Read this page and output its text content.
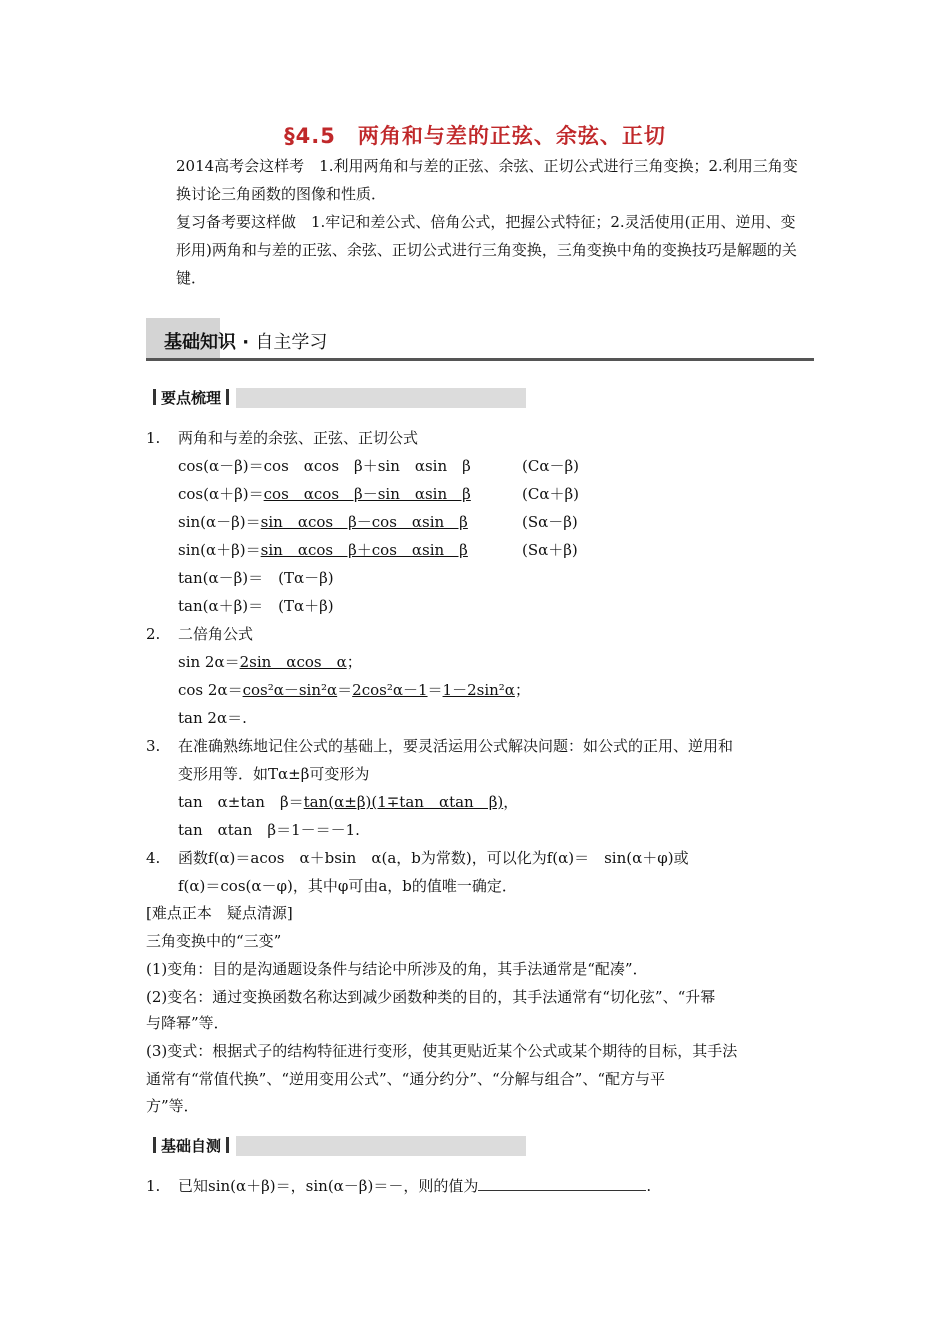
§4.5　两角和与差的正弦、余弦、正切
2014高考会这样考　1.利用两角和与差的正弦、余弦、正切公式进行三角变换；2.利用三角变换讨论三角函数的图像和性质．
复习备考要这样做　1.牢记和差公式、倍角公式，把握公式特征；2.灵活使用(正用、逆用、变形用)两角和与差的正弦、余弦、正切公式进行三角变换，三角变换中角的变换技巧是解题的关键．
基础知识 · 自主学习
要点梳理
1. 两角和与差的余弦、正弦、正切公式
cos(α－β)＝cos　αcos　β＋sin　αsin　β	(Cα－β)
cos(α＋β)＝cos　αcos　β－sin　αsin　β	(Cα＋β)
sin(α－β)＝sin　αcos　β－cos　αsin　β	(Sα－β)
sin(α＋β)＝sin　αcos　β＋cos　αsin　β	(Sα＋β)
tan(α－β)＝　(Tα－β)
tan(α＋β)＝　(Tα＋β)
2. 二倍角公式
sin 2α＝2sin　αcos　α；
cos 2α＝cos²α－sin²α＝2cos²α－1＝1－2sin²α；
tan 2α＝.
3. 在准确熟练地记住公式的基础上，要灵活运用公式解决问题：如公式的正用、逆用和
变形用等．如Tα±β可变形为
tan　α±tan　β＝tan(α±β)(1∓tan　αtan　β)，
tan　αtan　β＝1－＝－1.
4. 函数f(α)＝acos　α＋bsin　α(a，b为常数)，可以化为f(α)＝　sin(α＋φ)或
f(α)＝cos(α－φ)，其中φ可由a，b的值唯一确定．
[难点正本　疑点清源]
三角变换中的“三变”
(1)变角：目的是沟通题设条件与结论中所涉及的角，其手法通常是“配凑”．
(2)变名：通过变换函数名称达到减少函数种类的目的，其手法通常有“切化弦”、“升幂
与降幂”等．
(3)变式：根据式子的结构特征进行变形，使其更贴近某个公式或某个期待的目标，其手法
通常有“常值代换”、“逆用变用公式”、“通分约分”、“分解与组合”、“配方与平
方”等．
基础自测
1. 已知sin(α＋β)＝，sin(α－β)＝－，则的值为	.
